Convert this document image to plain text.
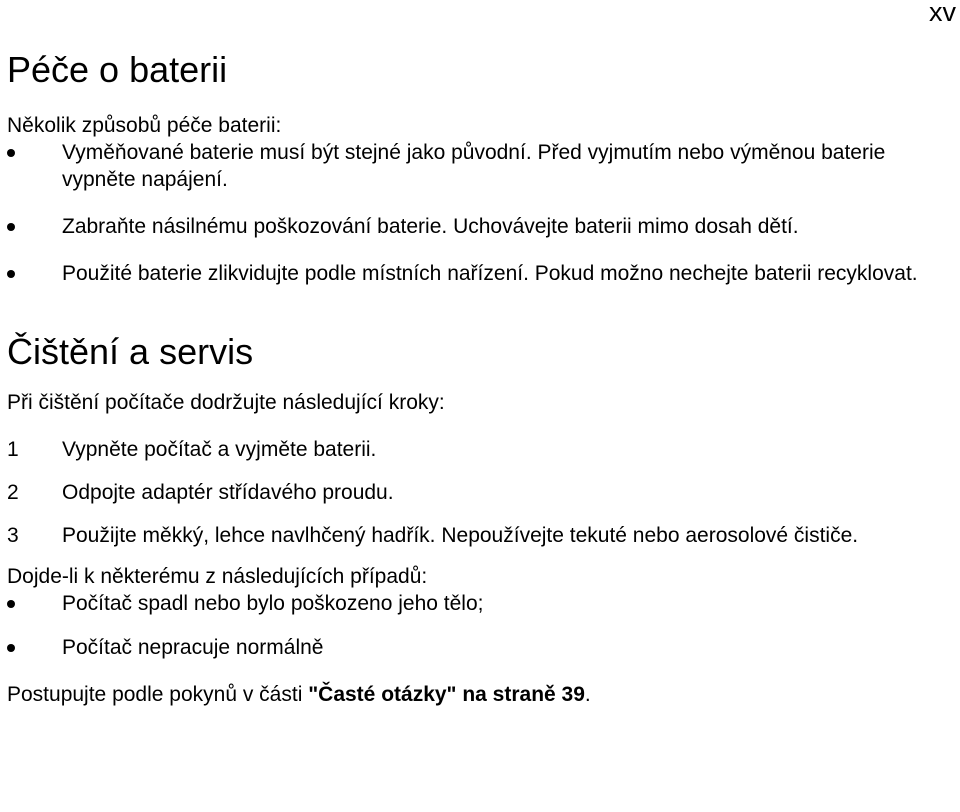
xv
Péče o baterii

Několik způsobů péče baterii:

Vyměňované baterie musí být stejné jako původní. Před vyjmutím nebo výměnou baterie vypněte napájení.
Zabraňte násilnému poškozování baterie. Uchovávejte baterii mimo dosah dětí.
Použité baterie zlikvidujte podle místních nařízení. Pokud možno nechejte baterii recyklovat.
Čištění a servis

Při čištění počítače dodržujte následující kroky:

1 Vypněte počítač a vyjměte baterii.
2 Odpojte adaptér střídavého proudu.
3 Použijte měkký, lehce navlhčený hadřík. Nepoužívejte tekuté nebo aerosolové čističe.

Dojde-li k některému z následujících případů:

Počítač spadl nebo bylo poškozeno jeho tělo;
Počítač nepracuje normálně

Postupujte podle pokynů v části "Časté otázky" na straně 39.
